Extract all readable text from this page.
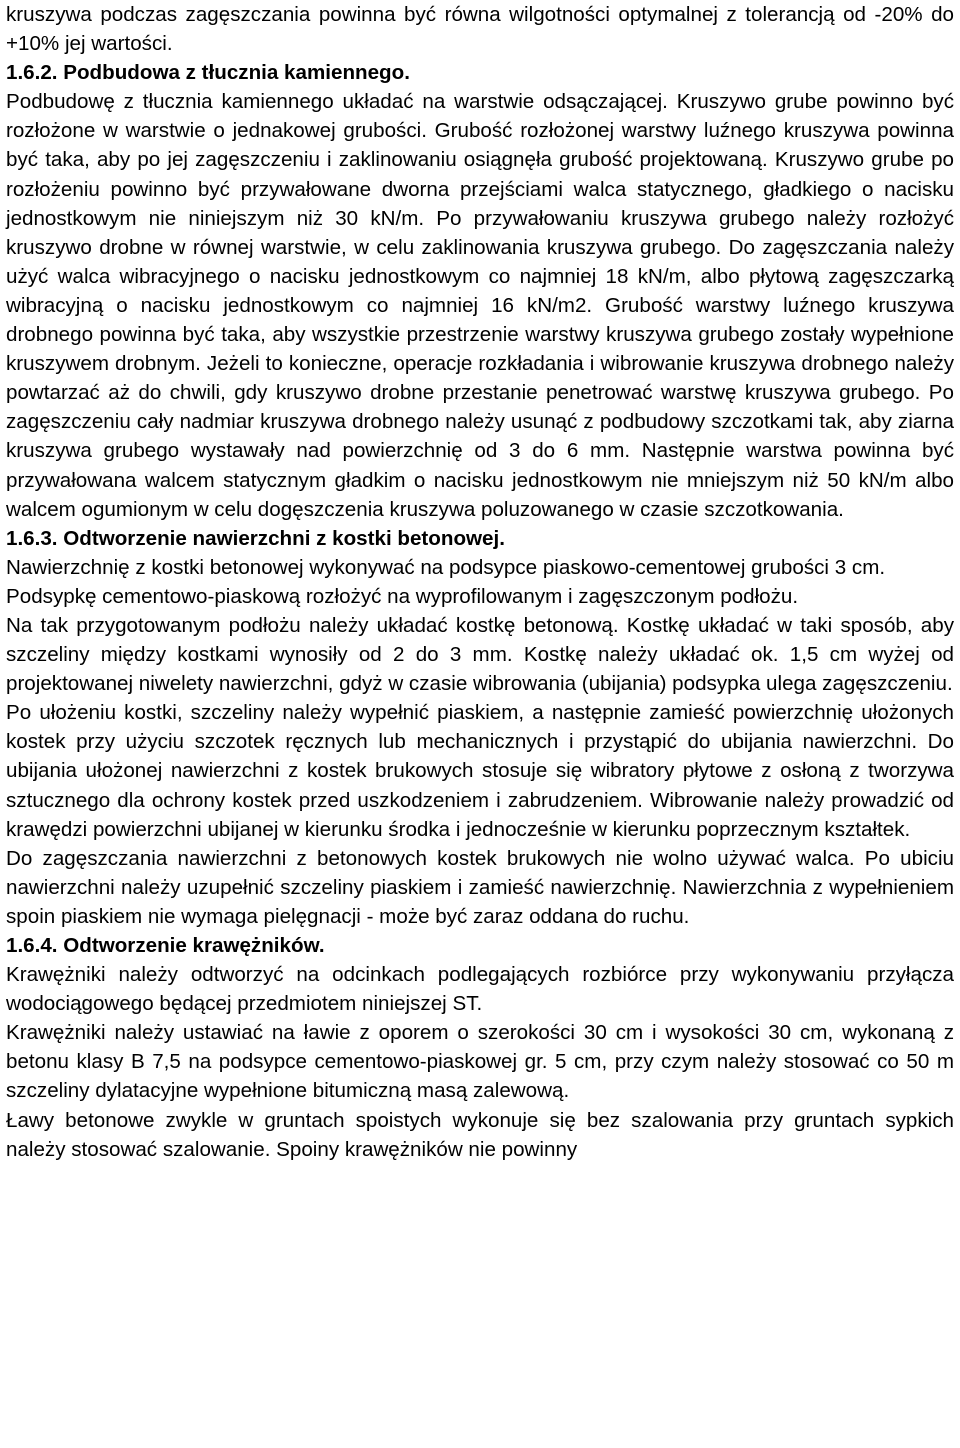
kruszywa podczas zagęszczania powinna być równa wilgotności optymalnej z tolerancją od -20% do +10% jej wartości.

1.6.2. Podbudowa z tłucznia kamiennego.

Podbudowę z tłucznia kamiennego układać na warstwie odsączającej. Kruszywo grube powinno być rozłożone w warstwie o jednakowej grubości. Grubość rozłożonej warstwy luźnego kruszywa powinna być taka, aby po jej zagęszczeniu i zaklinowaniu osiągnęła grubość projektowaną. Kruszywo grube po rozłożeniu powinno być przywałowane dworna przejściami walca statycznego, gładkiego o nacisku jednostkowym nie niniejszym niż 30 kN/m. Po przywałowaniu kruszywa grubego należy rozłożyć kruszywo drobne w równej warstwie, w celu zaklinowania kruszywa grubego. Do zagęszczania należy użyć walca wibracyjnego o nacisku jednostkowym co najmniej 18 kN/m, albo płytową zagęszczarką wibracyjną o nacisku jednostkowym co najmniej 16 kN/m2. Grubość warstwy luźnego kruszywa drobnego powinna być taka, aby wszystkie przestrzenie warstwy kruszywa grubego zostały wypełnione kruszywem drobnym. Jeżeli to konieczne, operacje rozkładania i wibrowanie kruszywa drobnego należy powtarzać aż do chwili, gdy kruszywo drobne przestanie penetrować warstwę kruszywa grubego. Po zagęszczeniu cały nadmiar kruszywa drobnego należy usunąć z podbudowy szczotkami tak, aby ziarna kruszywa grubego wystawały nad powierzchnię od 3 do 6 mm. Następnie warstwa powinna być przywałowana walcem statycznym gładkim o nacisku jednostkowym nie mniejszym niż 50 kN/m albo walcem ogumionym w celu dogęszczenia kruszywa poluzowanego w czasie szczotkowania.

1.6.3. Odtworzenie nawierzchni z kostki betonowej.

Nawierzchnię z kostki betonowej wykonywać na podsypce piaskowo-cementowej grubości 3 cm. Podsypkę cementowo-piaskową rozłożyć na wyprofilowanym i zagęszczonym podłożu.

Na tak przygotowanym podłożu należy układać kostkę betonową. Kostkę układać w taki sposób, aby szczeliny między kostkami wynosiły od 2 do 3 mm. Kostkę należy układać ok. 1,5 cm wyżej od projektowanej niwelety nawierzchni, gdyż w czasie wibrowania (ubijania) podsypka ulega zagęszczeniu.

Po ułożeniu kostki, szczeliny należy wypełnić piaskiem, a następnie zamieść powierzchnię ułożonych kostek przy użyciu szczotek ręcznych lub mechanicznych i przystąpić do ubijania nawierzchni. Do ubijania ułożonej nawierzchni z kostek brukowych stosuje się wibratory płytowe z osłoną z tworzywa sztucznego dla ochrony kostek przed uszkodzeniem i zabrudzeniem. Wibrowanie należy prowadzić od krawędzi powierzchni ubijanej w kierunku środka i jednocześnie w kierunku poprzecznym kształtek.

Do zagęszczania nawierzchni z betonowych kostek brukowych nie wolno używać walca. Po ubiciu nawierzchni należy uzupełnić szczeliny piaskiem i zamieść nawierzchnię. Nawierzchnia z wypełnieniem spoin piaskiem nie wymaga pielęgnacji - może być zaraz oddana do ruchu.

1.6.4. Odtworzenie krawężników.

Krawężniki należy odtworzyć na odcinkach podlegających rozbiórce przy wykonywaniu przyłącza wodociągowego będącej przedmiotem niniejszej ST.

Krawężniki należy ustawiać na ławie z oporem o szerokości 30 cm i wysokości 30 cm, wykonaną z betonu klasy B 7,5 na podsypce cementowo-piaskowej gr. 5 cm, przy czym należy stosować co 50 m szczeliny dylatacyjne wypełnione bitumiczną masą zalewową.

Ławy betonowe zwykle w gruntach spoistych wykonuje się bez szalowania przy gruntach sypkich należy stosować szalowanie. Spoiny krawężników nie powinny
